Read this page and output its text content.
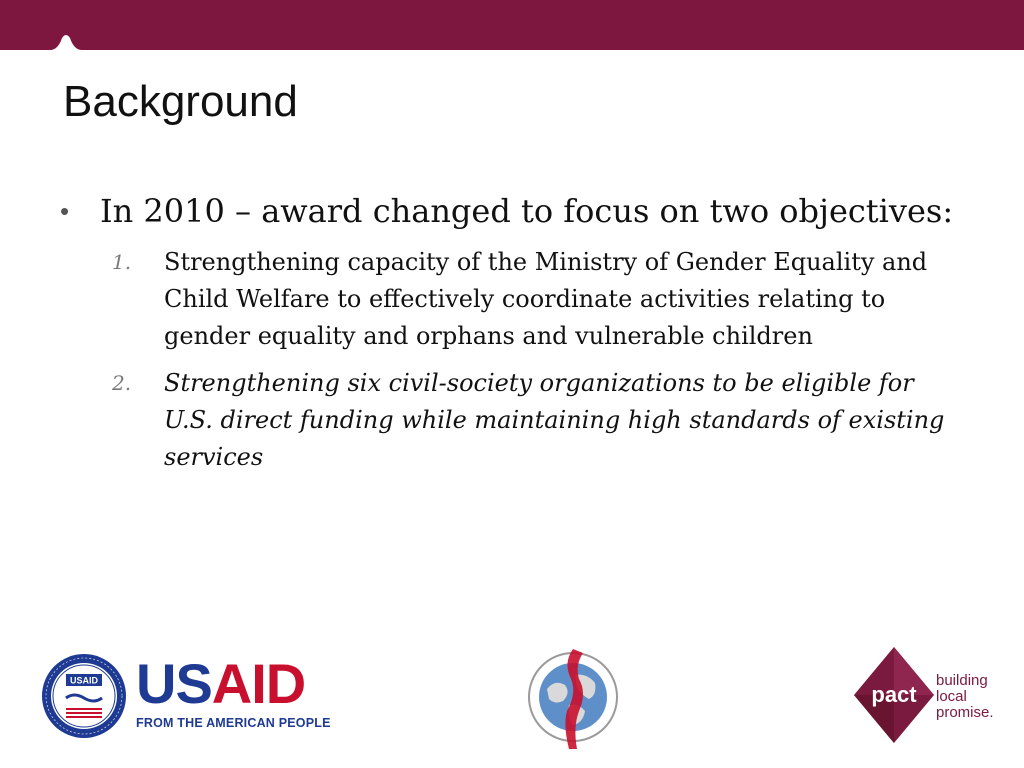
Background
• In 2010 – award changed to focus on two objectives:
1. Strengthening capacity of the Ministry of Gender Equality and Child Welfare to effectively coordinate activities relating to gender equality and orphans and vulnerable children
2. Strengthening six civil-society organizations to be eligible for U.S. direct funding while maintaining high standards of existing services
USAID USAID
FROM THE AMERICAN PEOPLE
pact
building
local
promise.
